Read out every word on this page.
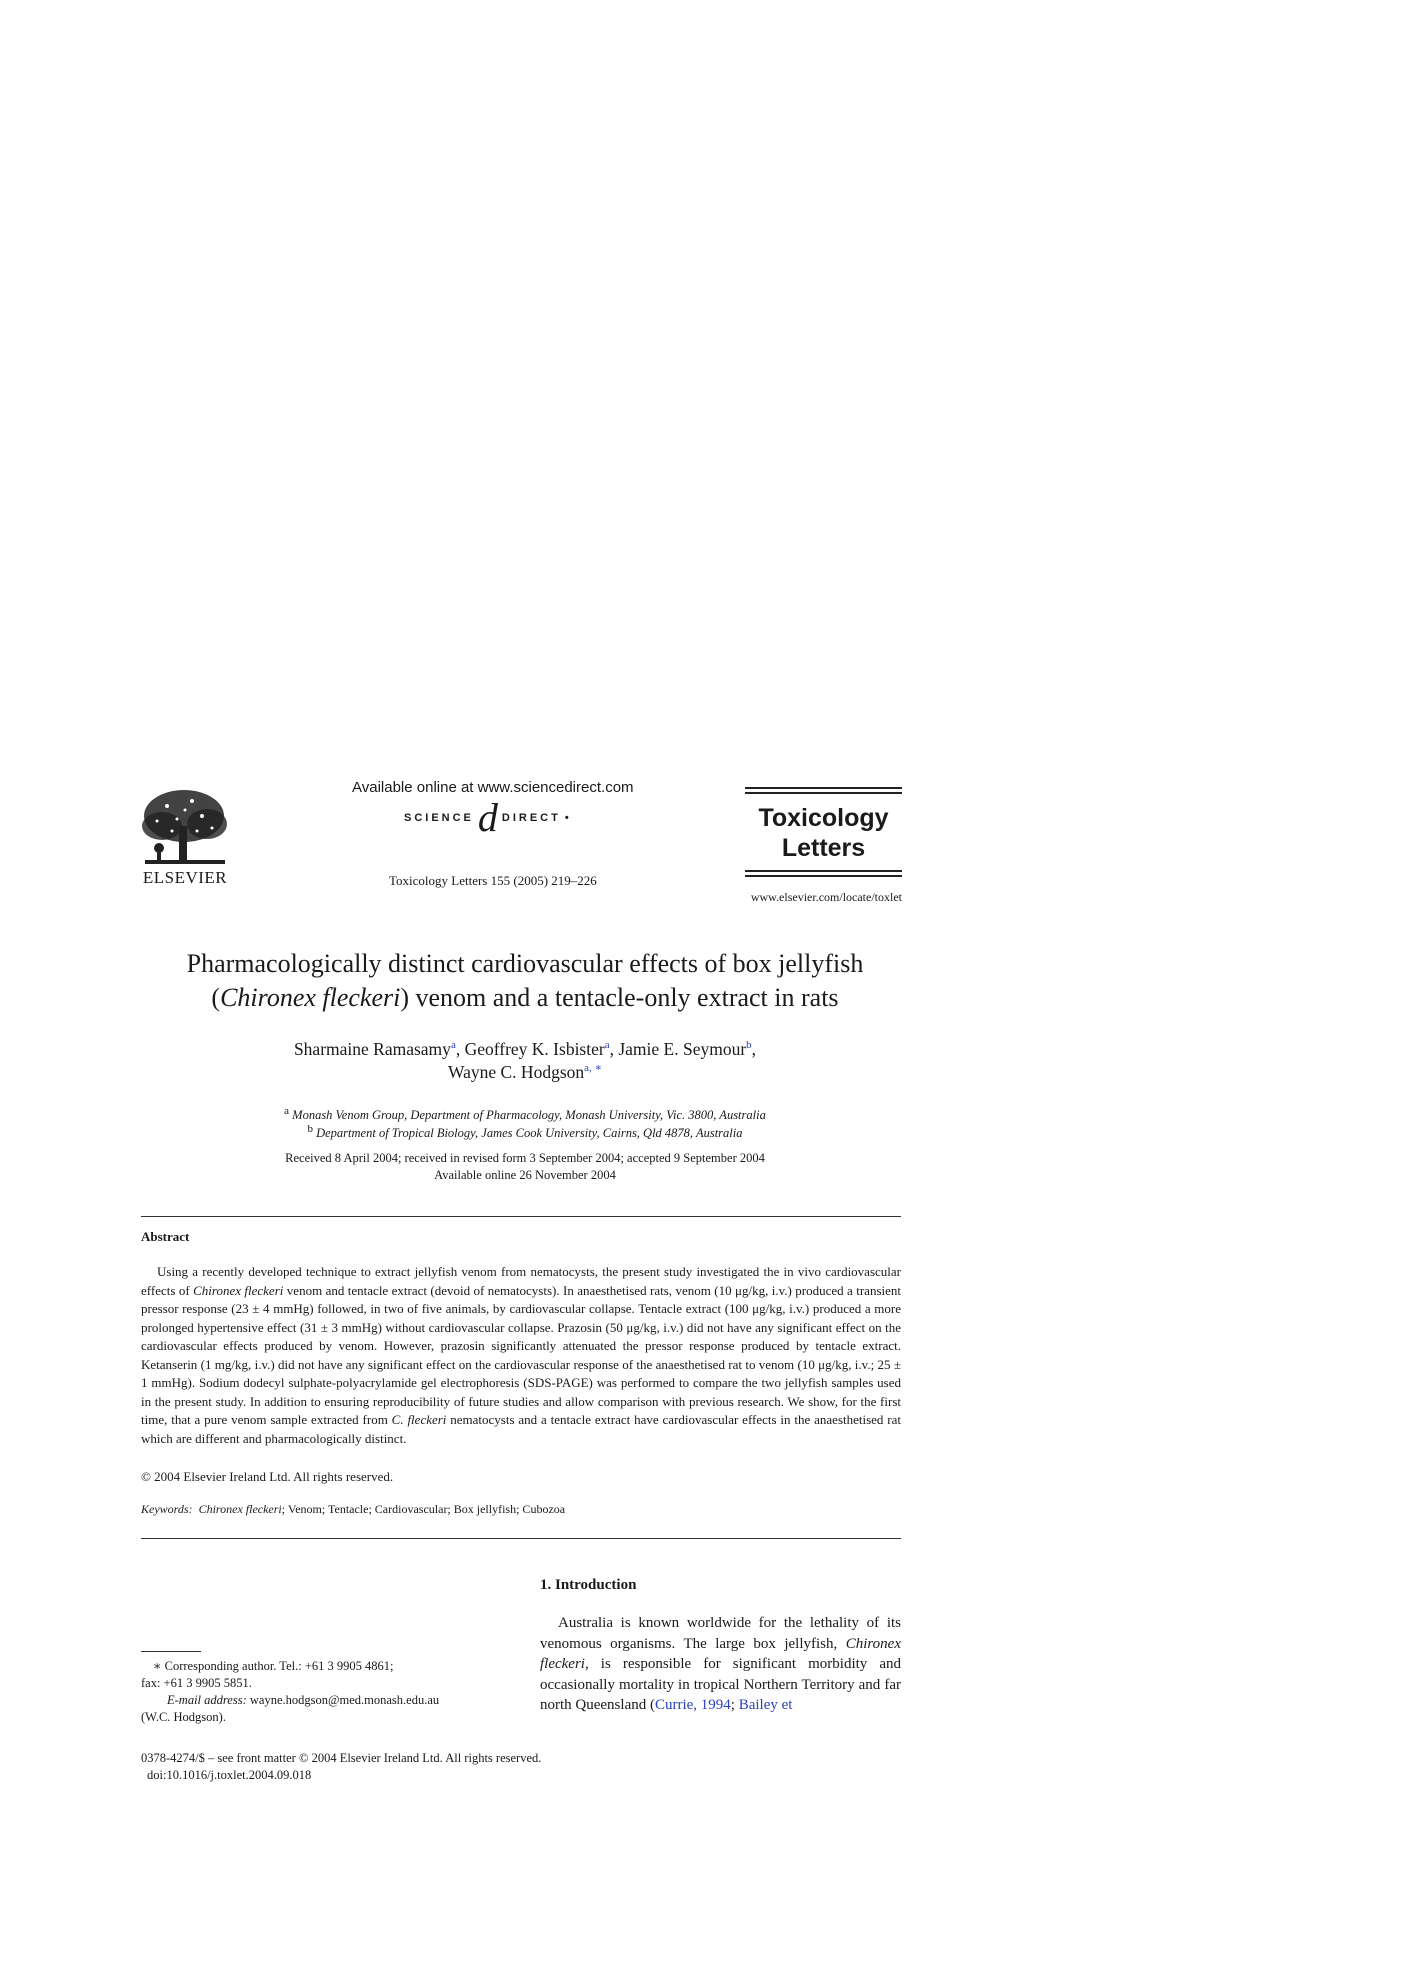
ELSEVIER
Available online at www.sciencedirect.com
SCIENCE d DIRECT •
Toxicology Letters 155 (2005) 219–226
Toxicology
Letters
www.elsevier.com/locate/toxlet
Pharmacologically distinct cardiovascular effects of box jellyfish
(Chironex fleckeri) venom and a tentacle-only extract in rats
Sharmaine Ramasamy$^a$, Geoffrey K. Isbister$^a$, Jamie E. Seymour$^b$,
Wayne C. Hodgson$^{a, ∗}$
$^a$ Monash Venom Group, Department of Pharmacology, Monash University, Vic. 3800, Australia
$^b$ Department of Tropical Biology, James Cook University, Cairns, Qld 4878, Australia
Received 8 April 2004; received in revised form 3 September 2004; accepted 9 September 2004
Available online 26 November 2004
Abstract

Using a recently developed technique to extract jellyfish venom from nematocysts, the present study investigated the in vivo cardiovascular effects of Chironex fleckeri venom and tentacle extract (devoid of nematocysts). In anaesthetised rats, venom (10 μg/kg, i.v.) produced a transient pressor response (23 ± 4 mmHg) followed, in two of five animals, by cardiovascular collapse. Tentacle extract (100 μg/kg, i.v.) produced a more prolonged hypertensive effect (31 ± 3 mmHg) without cardiovascular collapse. Prazosin (50 μg/kg, i.v.) did not have any significant effect on the cardiovascular effects produced by venom. However, prazosin significantly attenuated the pressor response produced by tentacle extract. Ketanserin (1 mg/kg, i.v.) did not have any significant effect on the cardiovascular response of the anaesthetised rat to venom (10 μg/kg, i.v.; 25 ± 1 mmHg). Sodium dodecyl sulphate-polyacrylamide gel electrophoresis (SDS-PAGE) was performed to compare the two jellyfish samples used in the present study. In addition to ensuring reproducibility of future studies and allow comparison with previous research. We show, for the first time, that a pure venom sample extracted from C. fleckeri nematocysts and a tentacle extract have cardiovascular effects in the anaesthetised rat which are different and pharmacologically distinct.

© 2004 Elsevier Ireland Ltd. All rights reserved.
Keywords: Chironex fleckeri; Venom; Tentacle; Cardiovascular; Box jellyfish; Cubozoa
1. Introduction

Australia is known worldwide for the lethality of its venomous organisms. The large box jellyfish, Chironex fleckeri, is responsible for significant morbidity and occasionally mortality in tropical Northern Territory and far north Queensland (Currie, 1994; Bailey et

∗ Corresponding author. Tel.: +61 3 9905 4861;
fax: +61 3 9905 5851.
E-mail address: wayne.hodgson@med.monash.edu.au
(W.C. Hodgson).
0378-4274/$ – see front matter © 2004 Elsevier Ireland Ltd. All rights reserved.
doi:10.1016/j.toxlet.2004.09.018
